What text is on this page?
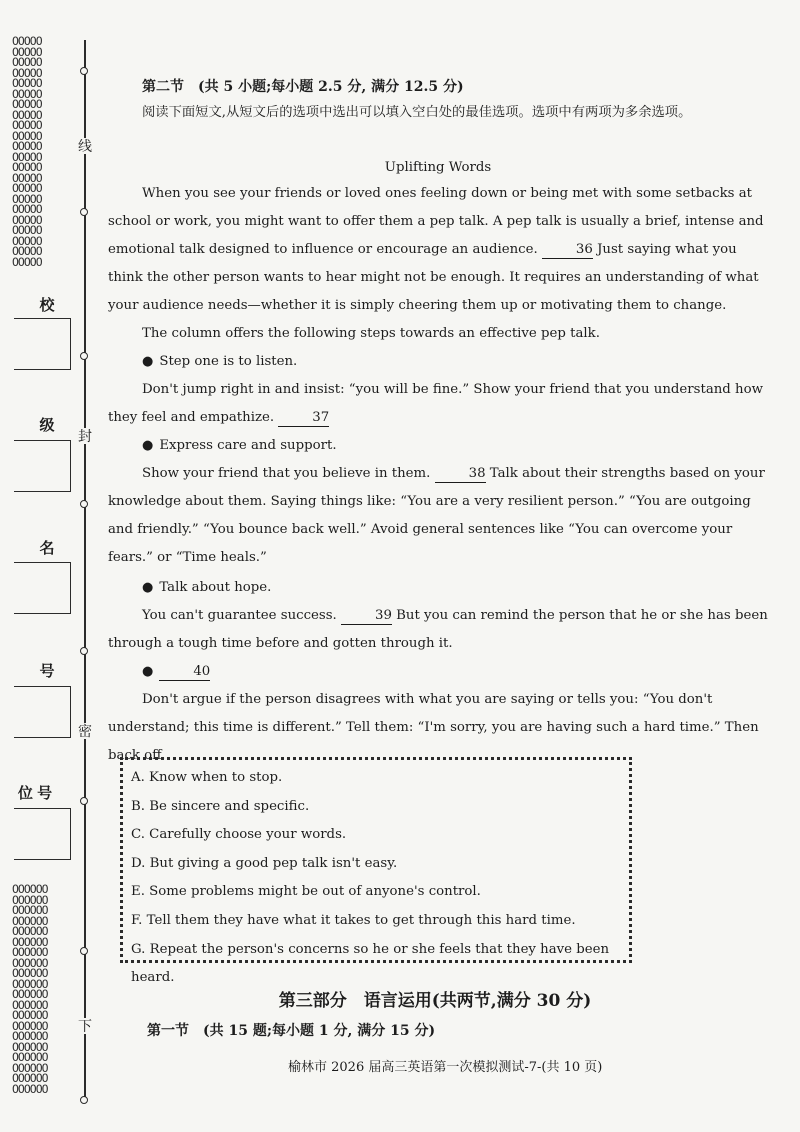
OOOOO
OOOOO
OOOOO
OOOOO
OOOOO
OOOOO
OOOOO
OOOOO
OOOOO
OOOOO
OOOOO
OOOOO
OOOOO
OOOOO
OOOOO
OOOOO
OOOOO
OOOOO
OOOOO
OOOOO
OOOOO
OOOOO
OOOOOO
OOOOOO
OOOOOO
OOOOOO
OOOOOO
OOOOOO
OOOOOO
OOOOOO
OOOOOO
OOOOOO
OOOOOO
OOOOOO
OOOOOO
OOOOOO
OOOOOO
OOOOOO
OOOOOO
OOOOOO
OOOOOO
OOOOOO
线
封
密
下
校
级
名
号
位 号
第二节　(共 5 小题;每小题 2.5 分, 满分 12.5 分)
阅读下面短文,从短文后的选项中选出可以填入空白处的最佳选项。选项中有两项为多余选项。
Uplifting Words
When you see your friends or loved ones feeling down or being met with some setbacks at school or work, you might want to offer them a pep talk. A pep talk is usually a brief, intense and emotional talk designed to influence or encourage an audience.	36 Just saying what you think the other person wants to hear might not be enough. It requires an understanding of what your audience needs—whether it is simply cheering them up or motivating them to change.
The column offers the following steps towards an effective pep talk.
● Step one is to listen.
Don't jump right in and insist: “you will be fine.” Show your friend that you understand how they feel and empathize.	37
● Express care and support.
Show your friend that you believe in them.	38 Talk about their strengths based on your knowledge about them. Saying things like: “You are a very resilient person.” “You are outgoing and friendly.” “You bounce back well.” Avoid general sentences like “You can overcome your fears.” or “Time heals.”
● Talk about hope.
You can't guarantee success.	39 But you can remind the person that he or she has been through a tough time before and gotten through it.
●	40
Don't argue if the person disagrees with what you are saying or tells you: “You don't understand; this time is different.” Tell them: “I'm sorry, you are having such a hard time.” Then back off.
A. Know when to stop.
B. Be sincere and specific.
C. Carefully choose your words.
D. But giving a good pep talk isn't easy.
E. Some problems might be out of anyone's control.
F. Tell them they have what it takes to get through this hard time.
G. Repeat the person's concerns so he or she feels that they have been heard.
第三部分　语言运用(共两节,满分 30 分)
第一节　(共 15 题;每小题 1 分, 满分 15 分)
榆林市 2026 届高三英语第一次模拟测试-7-(共 10 页)
